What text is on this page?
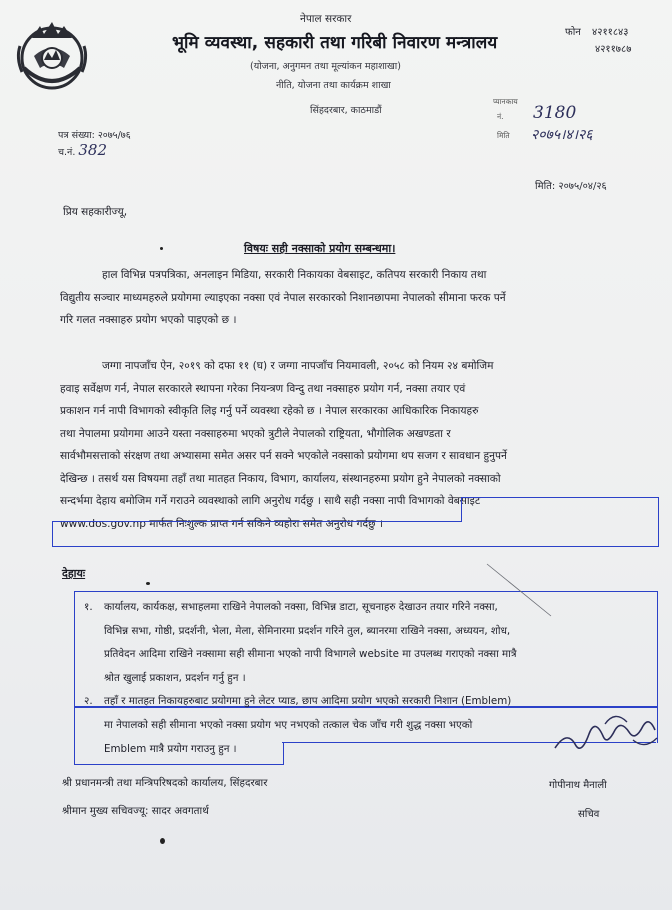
नेपाल सरकार
भूमि व्यवस्था, सहकारी तथा गरिबी निवारण मन्त्रालय
(योजना, अनुगमन तथा मूल्यांकन महाशाखा)
नीति, योजना तथा कार्यक्रम शाखा
सिंहदरबार, काठमाडौं
फोन ४२११८४३
४२११७८७
प्यानकाय
नं.
मिति
3180
२०७५।४।२६
पत्र संख्या: २०७५/७६
च.नं. 382
मिति: २०७५/०४/२६
प्रिय सहकारीज्यू,
विषयः सही नक्साको प्रयोग सम्बन्धमा।
हाल विभिन्न पत्रपत्रिका, अनलाइन मिडिया, सरकारी निकायका वेबसाइट, कतिपय सरकारी निकाय तथा
विद्युतीय सञ्चार माध्यमहरुले प्रयोगमा ल्याइएका नक्सा एवं नेपाल सरकारको निशानछापमा नेपालको सीमाना फरक पर्ने
गरि गलत नक्साहरु प्रयोग भएको पाइएको छ ।
जग्गा नापजाँच ऐन, २०१९ को दफा ११ (घ) र जग्गा नापजाँच नियमावली, २०५८ को नियम २४ बमोजिम
हवाइ सर्वेक्षण गर्न, नेपाल सरकारले स्थापना गरेका नियन्त्रण विन्दु तथा नक्साहरु प्रयोग गर्न, नक्सा तयार एवं
प्रकाशन गर्न नापी विभागको स्वीकृति लिइ गर्नु पर्ने व्यवस्था रहेको छ । नेपाल सरकारका आधिकारिक निकायहरु
तथा नेपालमा प्रयोगमा आउने यस्ता नक्साहरुमा भएको त्रुटीले नेपालको राष्ट्रियता, भौगोलिक अखण्डता र
सार्वभौमसत्ताको संरक्षण तथा अभ्यासमा समेत असर पर्न सक्ने भएकोले नक्साको प्रयोगमा थप सजग र सावधान हुनुपर्ने
देखिन्छ । तसर्थ यस विषयमा तहाँ तथा मातहत निकाय, विभाग, कार्यालय, संस्थानहरुमा प्रयोग हुने नेपालको नक्साको
सन्दर्भमा देहाय बमोजिम गर्ने गराउने व्यवस्थाको लागि अनुरोध गर्दछु । साथै सही नक्सा नापी विभागको वेबसाइट
www.dos.gov.np मार्फत निःशुल्क प्राप्त गर्न सकिने व्यहोरा समेत अनुरोध गर्दछु ।
देहायः
१. कार्यालय, कार्यकक्ष, सभाहलमा राखिने नेपालको नक्सा, विभिन्न डाटा, सूचनाहरु देखाउन तयार गरिने नक्सा,
विभिन्न सभा, गोष्ठी, प्रदर्शनी, भेला, मेला, सेमिनारमा प्रदर्शन गरिने तुल, ब्यानरमा राखिने नक्सा, अध्ययन, शोध,
प्रतिवेदन आदिमा राखिने नक्सामा सही सीमाना भएको नापी विभागले website मा उपलब्ध गराएको नक्सा मात्रै
श्रोत खुलाई प्रकाशन, प्रदर्शन गर्नु हुन ।
२. तहाँ र मातहत निकायहरुबाट प्रयोगमा हुने लेटर प्याड, छाप आदिमा प्रयोग भएको सरकारी निशान (Emblem)
मा नेपालको सही सीमाना भएको नक्सा प्रयोग भए नभएको तत्काल चेक जाँच गरी शुद्ध नक्सा भएको
Emblem मात्रै प्रयोग गराउनु हुन ।
श्री प्रधानमन्त्री तथा मन्त्रिपरिषदको कार्यालय, सिंहदरबार
श्रीमान मुख्य सचिवज्यू: सादर अवगतार्थ
गोपीनाथ मैनाली
सचिव
